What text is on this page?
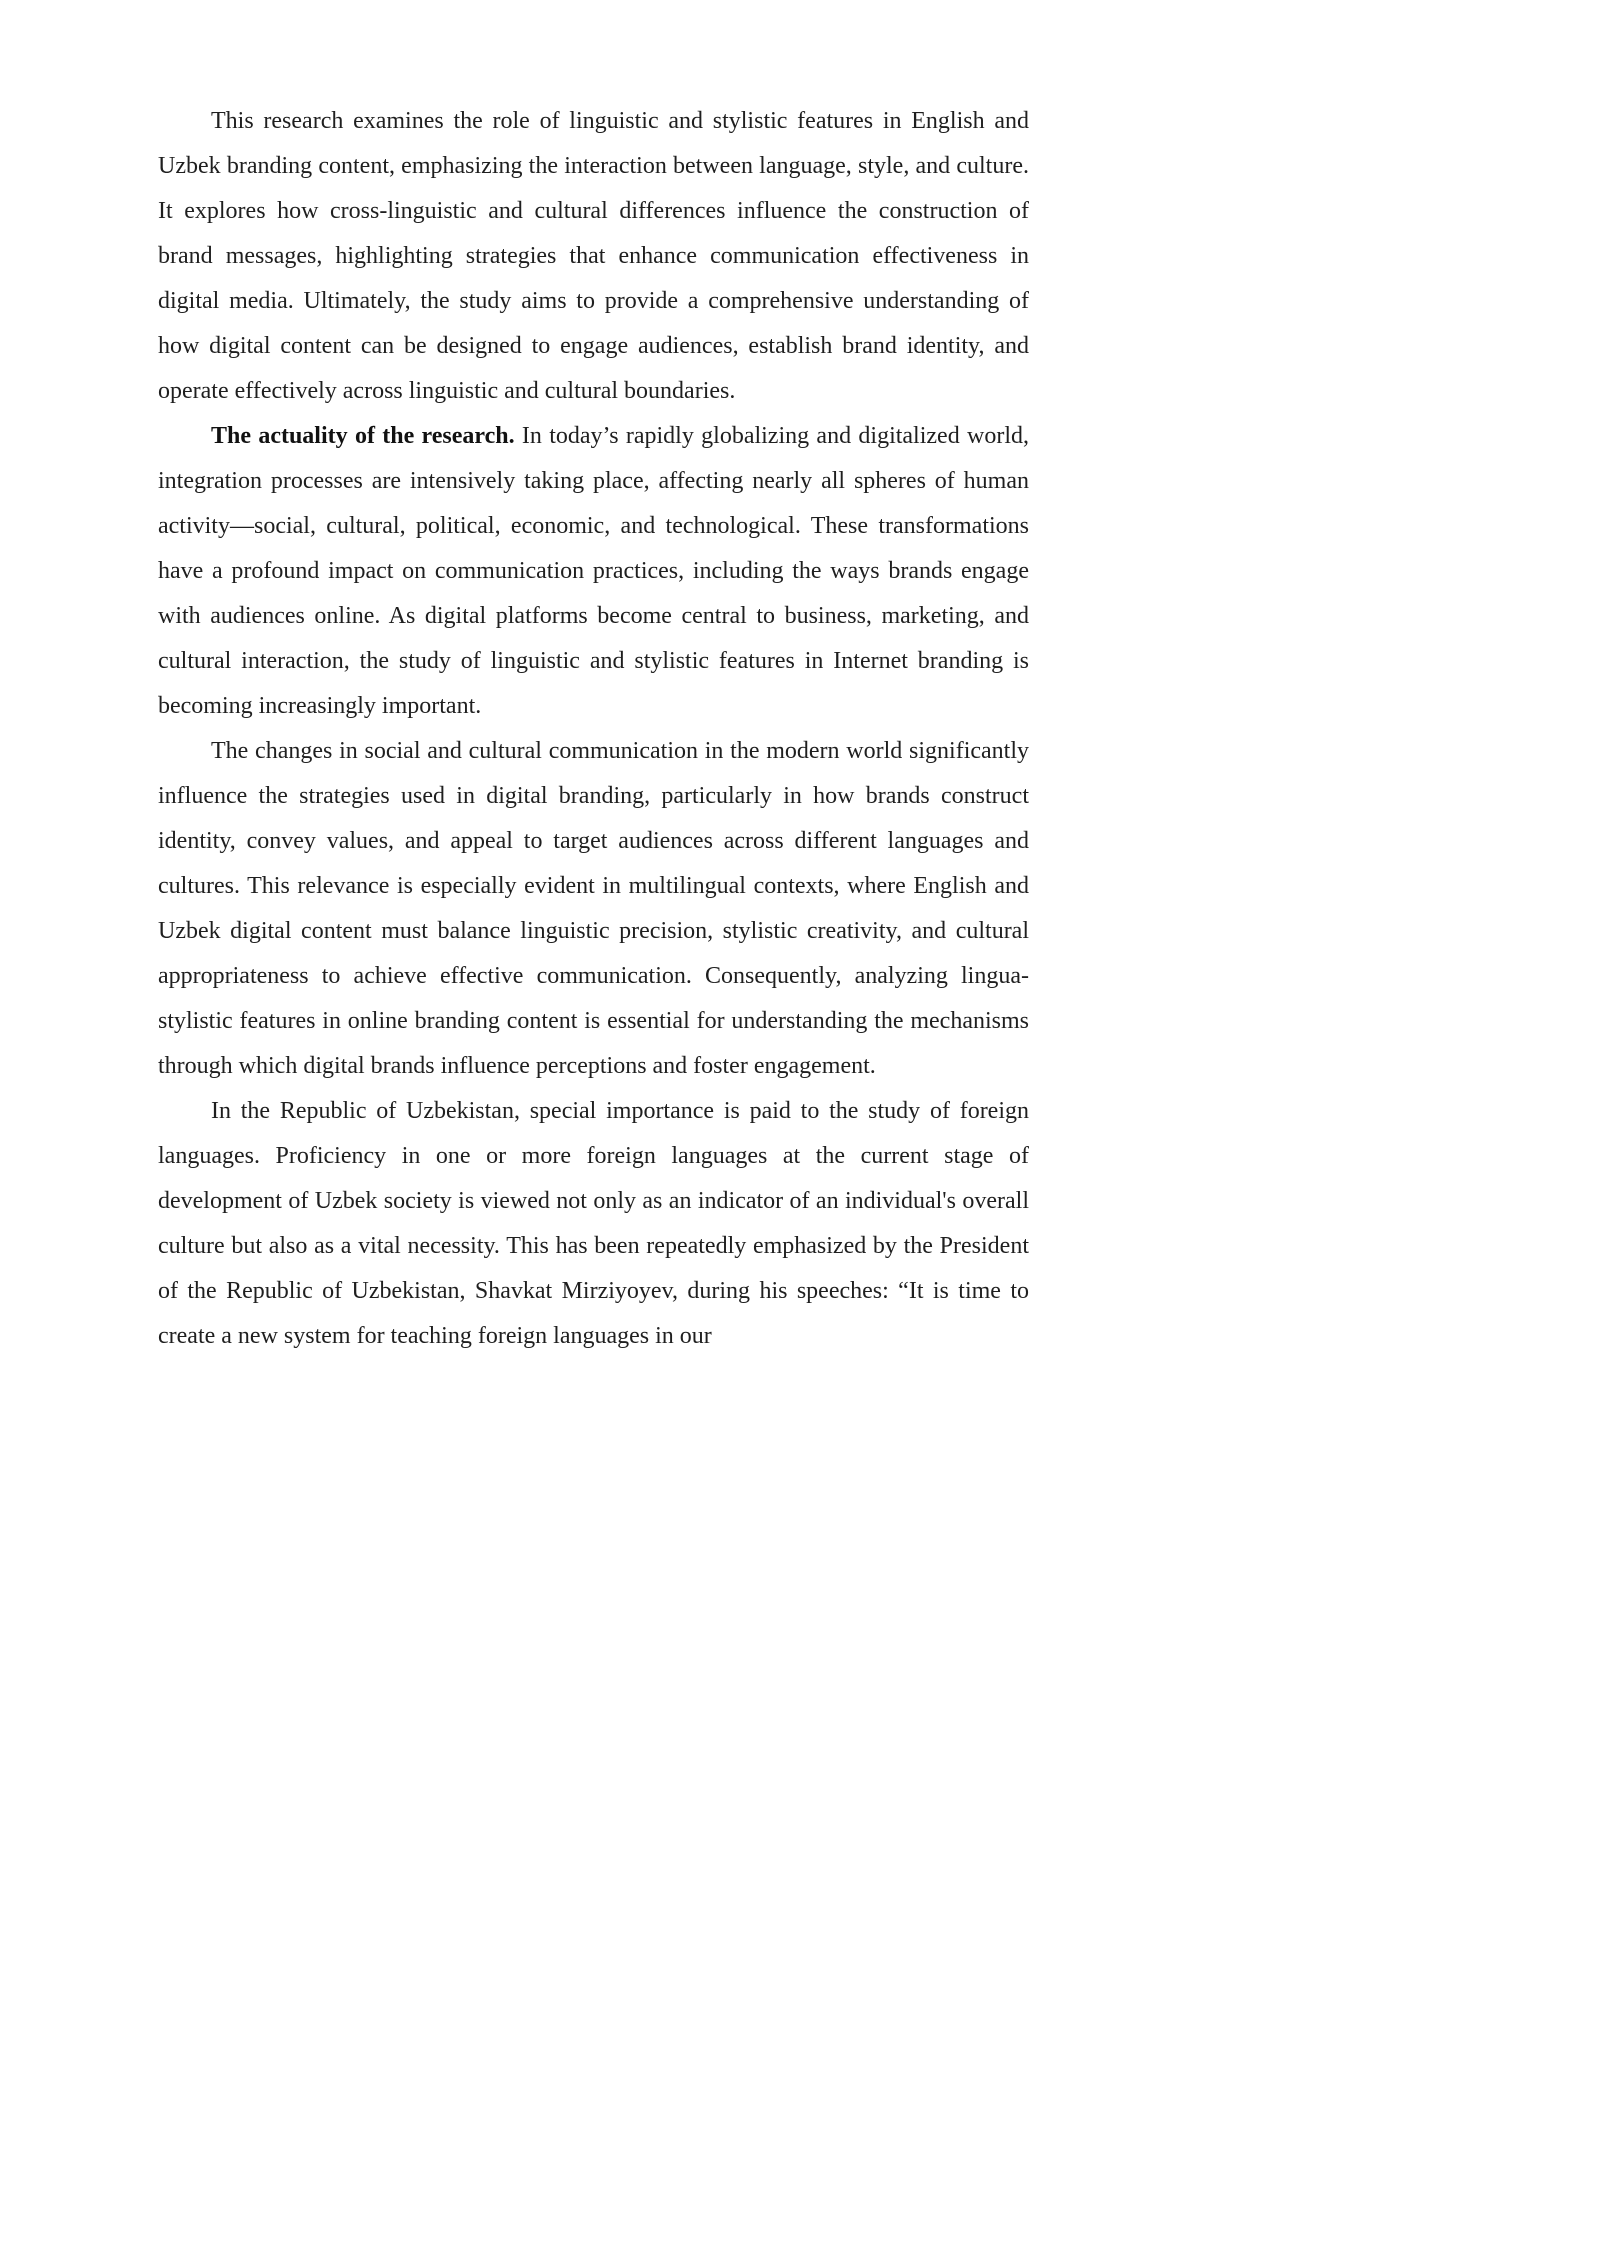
This research examines the role of linguistic and stylistic features in English and Uzbek branding content, emphasizing the interaction between language, style, and culture. It explores how cross-linguistic and cultural differences influence the construction of brand messages, highlighting strategies that enhance communication effectiveness in digital media. Ultimately, the study aims to provide a comprehensive understanding of how digital content can be designed to engage audiences, establish brand identity, and operate effectively across linguistic and cultural boundaries.

The actuality of the research. In today’s rapidly globalizing and digitalized world, integration processes are intensively taking place, affecting nearly all spheres of human activity—social, cultural, political, economic, and technological. These transformations have a profound impact on communication practices, including the ways brands engage with audiences online. As digital platforms become central to business, marketing, and cultural interaction, the study of linguistic and stylistic features in Internet branding is becoming increasingly important.

The changes in social and cultural communication in the modern world significantly influence the strategies used in digital branding, particularly in how brands construct identity, convey values, and appeal to target audiences across different languages and cultures. This relevance is especially evident in multilingual contexts, where English and Uzbek digital content must balance linguistic precision, stylistic creativity, and cultural appropriateness to achieve effective communication. Consequently, analyzing lingua-stylistic features in online branding content is essential for understanding the mechanisms through which digital brands influence perceptions and foster engagement.

In the Republic of Uzbekistan, special importance is paid to the study of foreign languages. Proficiency in one or more foreign languages at the current stage of development of Uzbek society is viewed not only as an indicator of an individual's overall culture but also as a vital necessity. This has been repeatedly emphasized by the President of the Republic of Uzbekistan, Shavkat Mirziyoyev, during his speeches: “It is time to create a new system for teaching foreign languages in our
